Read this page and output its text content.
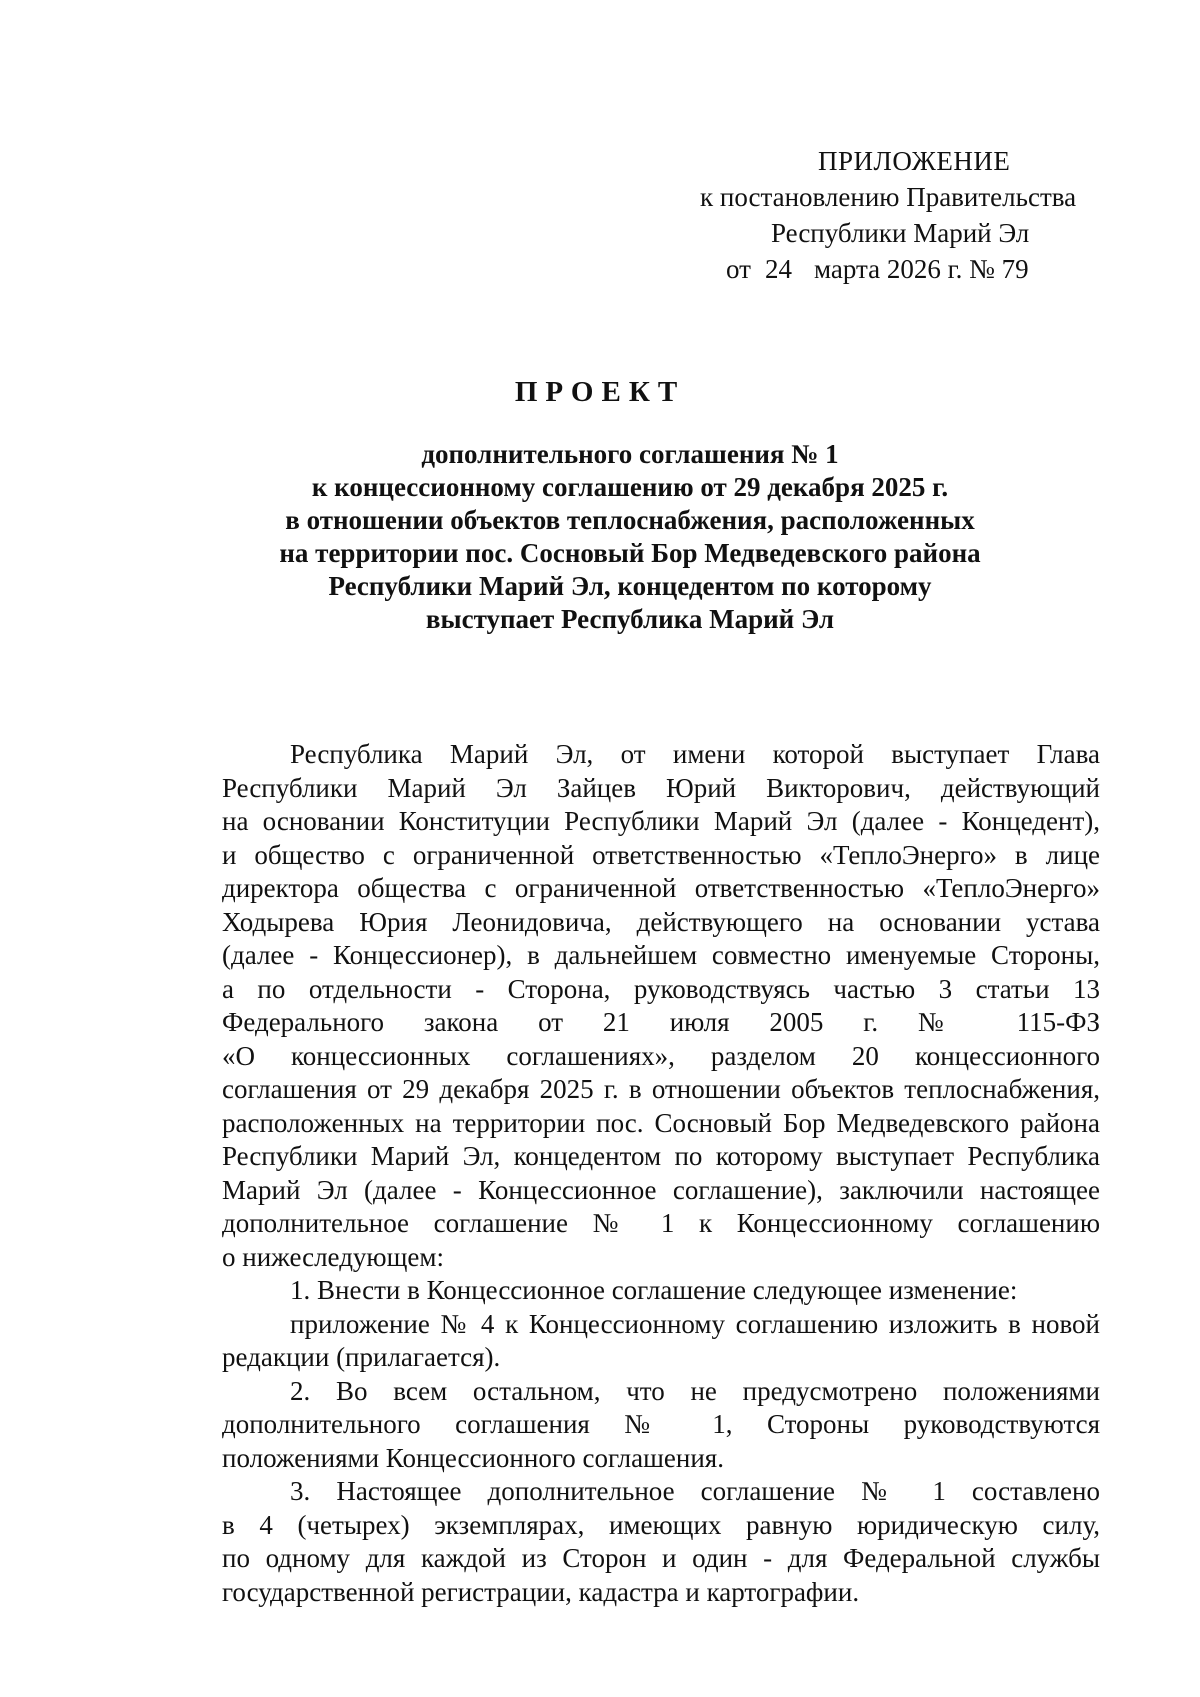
ПРИЛОЖЕНИЕ
к постановлению Правительства
Республики Марий Эл
от 24 марта 2026 г. № 79
ПРОЕКТ
дополнительного соглашения № 1
к концессионному соглашению от 29 декабря 2025 г.
в отношении объектов теплоснабжения, расположенных
на территории пос. Сосновый Бор Медведевского района
Республики Марий Эл, концедентом по которому
выступает Республика Марий Эл
Республика Марий Эл, от имени которой выступает Глава
Республики Марий Эл Зайцев Юрий Викторович, действующий
на основании Конституции Республики Марий Эл (далее - Концедент),
и общество с ограниченной ответственностью «ТеплоЭнерго» в лице
директора общества с ограниченной ответственностью «ТеплоЭнерго»
Ходырева Юрия Леонидовича, действующего на основании устава
(далее - Концессионер), в дальнейшем совместно именуемые Стороны,
а по отдельности - Сторона, руководствуясь частью 3 статьи 13
Федерального закона от 21 июля 2005 г. № 115-ФЗ
«О концессионных соглашениях», разделом 20 концессионного
соглашения от 29 декабря 2025 г. в отношении объектов теплоснабжения,
расположенных на территории пос. Сосновый Бор Медведевского района
Республики Марий Эл, концедентом по которому выступает Республика
Марий Эл (далее - Концессионное соглашение), заключили настоящее
дополнительное соглашение № 1 к Концессионному соглашению
о нижеследующем:
1. Внести в Концессионное соглашение следующее изменение:
приложение № 4 к Концессионному соглашению изложить в новой
редакции (прилагается).
2. Во всем остальном, что не предусмотрено положениями
дополнительного соглашения № 1, Стороны руководствуются
положениями Концессионного соглашения.
3. Настоящее дополнительное соглашение № 1 составлено
в 4 (четырех) экземплярах, имеющих равную юридическую силу,
по одному для каждой из Сторон и один - для Федеральной службы
государственной регистрации, кадастра и картографии.
